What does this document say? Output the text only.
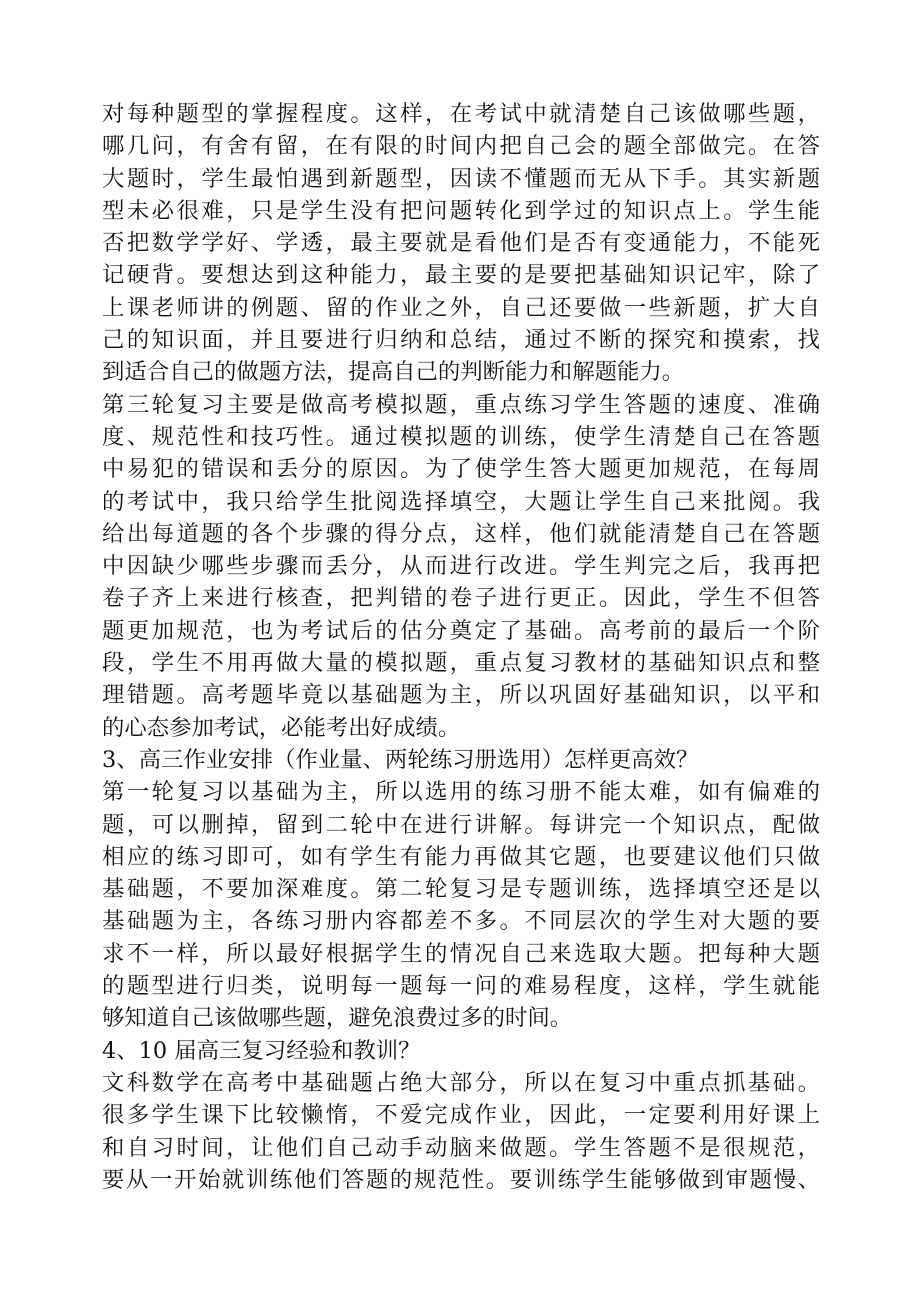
对每种题型的掌握程度。这样，在考试中就清楚自己该做哪些题，
哪几问，有舍有留，在有限的时间内把自己会的题全部做完。在答
大题时，学生最怕遇到新题型，因读不懂题而无从下手。其实新题
型未必很难，只是学生没有把问题转化到学过的知识点上。学生能
否把数学学好、学透，最主要就是看他们是否有变通能力，不能死
记硬背。要想达到这种能力，最主要的是要把基础知识记牢，除了
上课老师讲的例题、留的作业之外，自己还要做一些新题，扩大自
己的知识面，并且要进行归纳和总结，通过不断的探究和摸索，找
到适合自己的做题方法，提高自己的判断能力和解题能力。
第三轮复习主要是做高考模拟题，重点练习学生答题的速度、准确
度、规范性和技巧性。通过模拟题的训练，使学生清楚自己在答题
中易犯的错误和丢分的原因。为了使学生答大题更加规范，在每周
的考试中，我只给学生批阅选择填空，大题让学生自己来批阅。我
给出每道题的各个步骤的得分点，这样，他们就能清楚自己在答题
中因缺少哪些步骤而丢分，从而进行改进。学生判完之后，我再把
卷子齐上来进行核查，把判错的卷子进行更正。因此，学生不但答
题更加规范，也为考试后的估分奠定了基础。高考前的最后一个阶
段，学生不用再做大量的模拟题，重点复习教材的基础知识点和整
理错题。高考题毕竟以基础题为主，所以巩固好基础知识，以平和
的心态参加考试，必能考出好成绩。
3、高三作业安排（作业量、两轮练习册选用）怎样更高效？
第一轮复习以基础为主，所以选用的练习册不能太难，如有偏难的
题，可以删掉，留到二轮中在进行讲解。每讲完一个知识点，配做
相应的练习即可，如有学生有能力再做其它题，也要建议他们只做
基础题，不要加深难度。第二轮复习是专题训练，选择填空还是以
基础题为主，各练习册内容都差不多。不同层次的学生对大题的要
求不一样，所以最好根据学生的情况自己来选取大题。把每种大题
的题型进行归类，说明每一题每一问的难易程度，这样，学生就能
够知道自己该做哪些题，避免浪费过多的时间。
4、10 届高三复习经验和教训？
文科数学在高考中基础题占绝大部分，所以在复习中重点抓基础。
很多学生课下比较懒惰，不爱完成作业，因此，一定要利用好课上
和自习时间，让他们自己动手动脑来做题。学生答题不是很规范，
要从一开始就训练他们答题的规范性。要训练学生能够做到审题慢、
